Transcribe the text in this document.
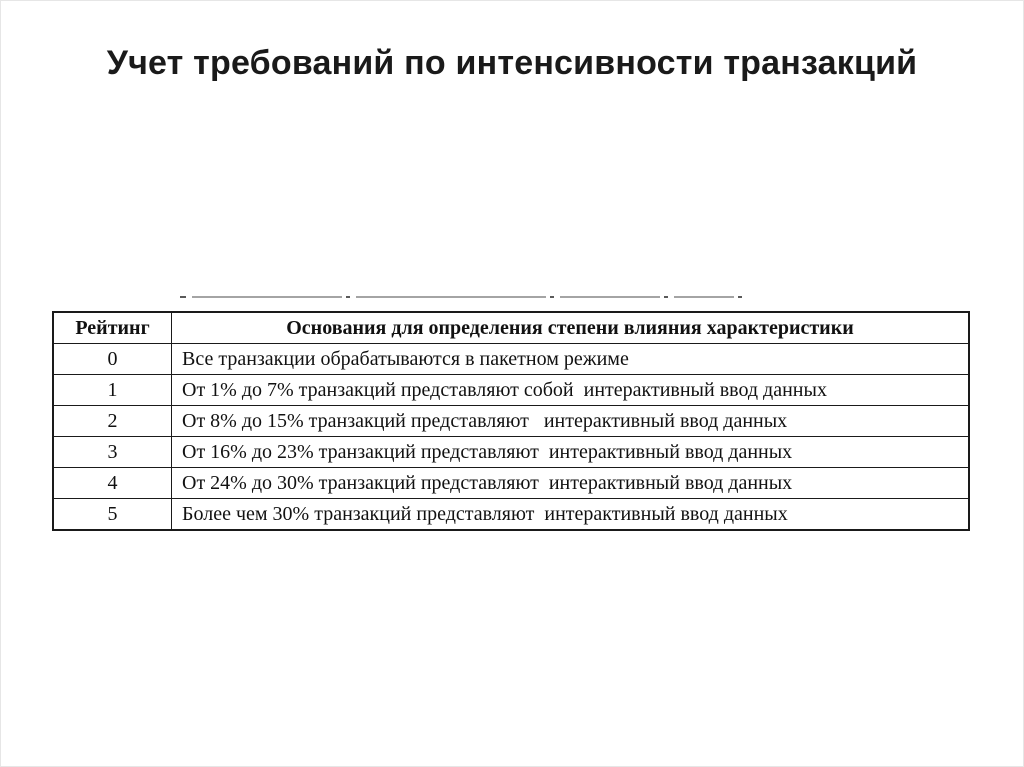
Учет требований по интенсивности транзакций
Рейтинг	Основания для определения степени влияния характеристики
0	Все транзакции обрабатываются в пакетном режиме
1	От 1% до 7% транзакций представляют собой  интерактивный ввод данных
2	От 8% до 15% транзакций представляют   интерактивный ввод данных
3	От 16% до 23% транзакций представляют  интерактивный ввод данных
4	От 24% до 30% транзакций представляют  интерактивный ввод данных
5	Более чем 30% транзакций представляют  интерактивный ввод данных
